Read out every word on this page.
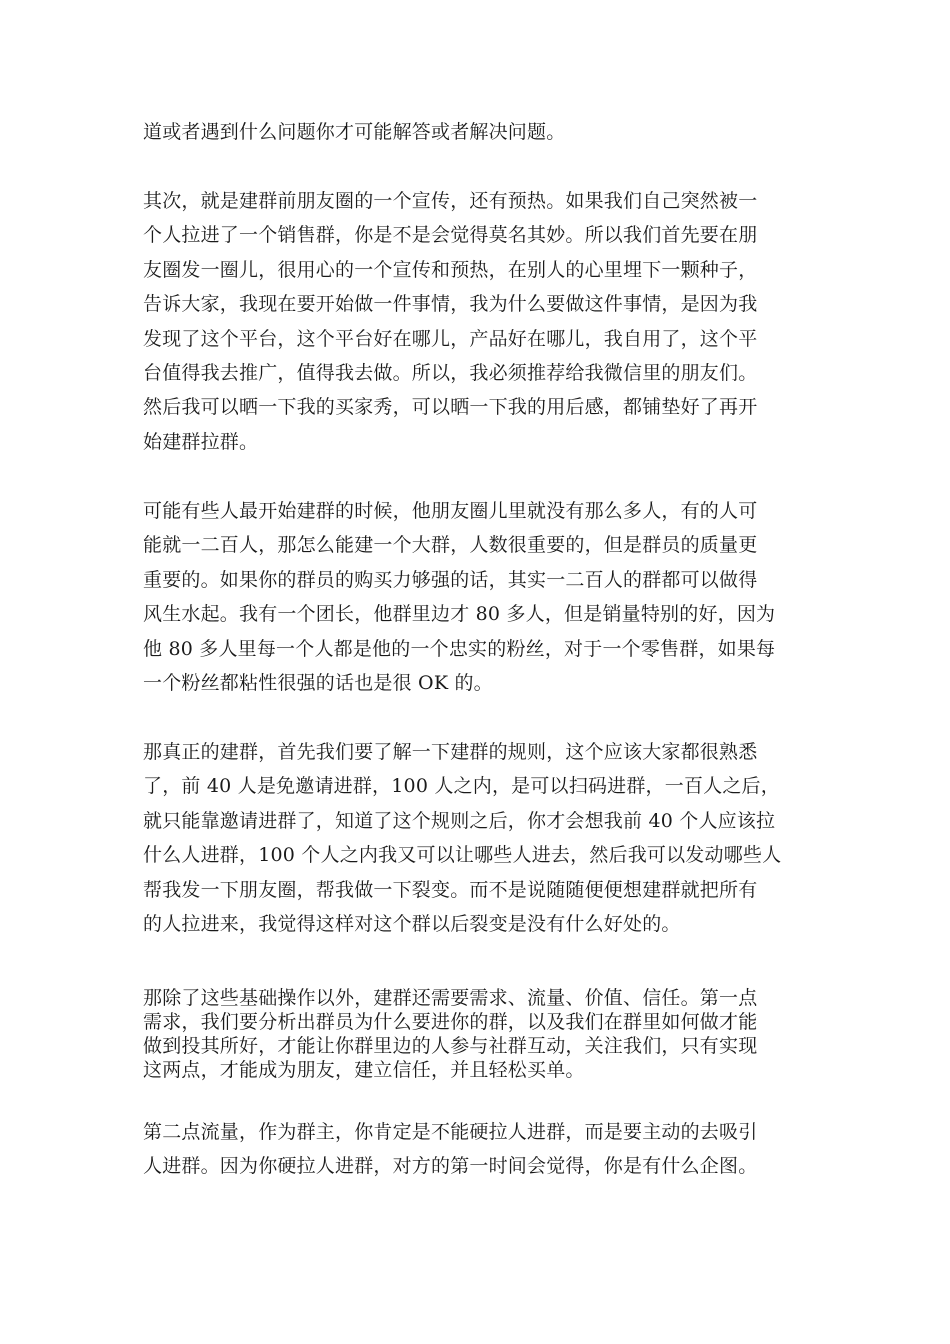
道或者遇到什么问题你才可能解答或者解决问题。
其次，就是建群前朋友圈的一个宣传，还有预热。如果我们自己突然被一
个人拉进了一个销售群，你是不是会觉得莫名其妙。所以我们首先要在朋
友圈发一圈儿，很用心的一个宣传和预热，在别人的心里埋下一颗种子，
告诉大家，我现在要开始做一件事情，我为什么要做这件事情，是因为我
发现了这个平台，这个平台好在哪儿，产品好在哪儿，我自用了，这个平
台值得我去推广，值得我去做。所以，我必须推荐给我微信里的朋友们。
然后我可以晒一下我的买家秀，可以晒一下我的用后感，都铺垫好了再开
始建群拉群。
可能有些人最开始建群的时候，他朋友圈儿里就没有那么多人，有的人可
能就一二百人，那怎么能建一个大群，人数很重要的，但是群员的质量更
重要的。如果你的群员的购买力够强的话，其实一二百人的群都可以做得
风生水起。我有一个团长，他群里边才 80 多人，但是销量特别的好，因为
他 80 多人里每一个人都是他的一个忠实的粉丝，对于一个零售群，如果每
一个粉丝都粘性很强的话也是很 OK 的。
那真正的建群，首先我们要了解一下建群的规则，这个应该大家都很熟悉
了，前 40 人是免邀请进群，100 人之内，是可以扫码进群，一百人之后，
就只能靠邀请进群了，知道了这个规则之后，你才会想我前 40 个人应该拉
什么人进群，100 个人之内我又可以让哪些人进去，然后我可以发动哪些人
帮我发一下朋友圈，帮我做一下裂变。而不是说随随便便想建群就把所有
的人拉进来，我觉得这样对这个群以后裂变是没有什么好处的。
那除了这些基础操作以外，建群还需要需求、流量、价值、信任。第一点
需求，我们要分析出群员为什么要进你的群，以及我们在群里如何做才能
做到投其所好，才能让你群里边的人参与社群互动，关注我们，只有实现
这两点，才能成为朋友，建立信任，并且轻松买单。
第二点流量，作为群主，你肯定是不能硬拉人进群，而是要主动的去吸引
人进群。因为你硬拉人进群，对方的第一时间会觉得，你是有什么企图。
